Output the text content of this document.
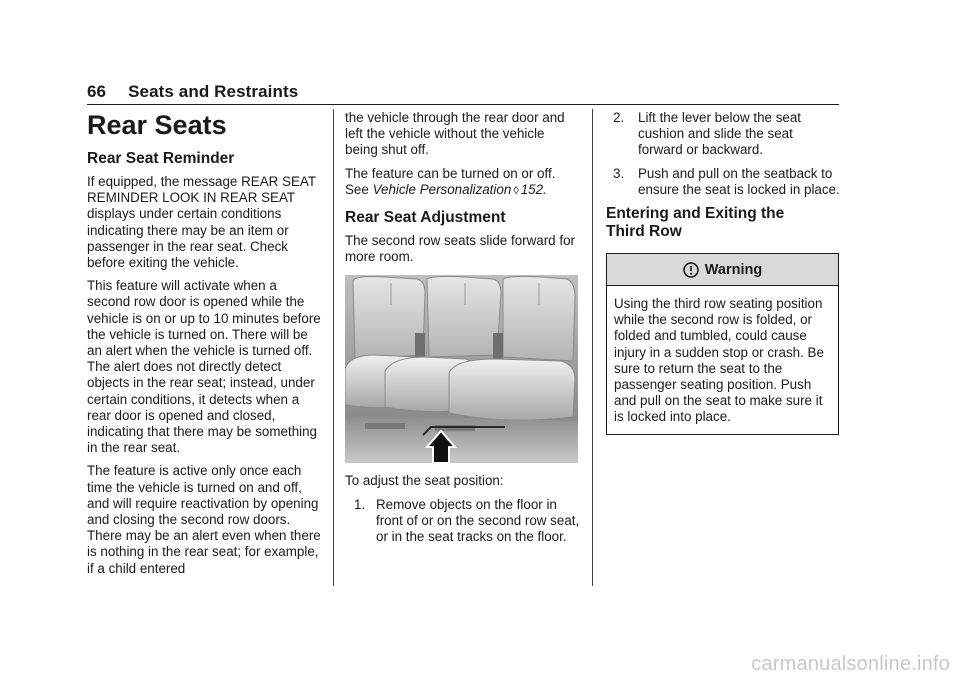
66 Seats and Restraints
Rear Seats
Rear Seat Reminder

If equipped, the message REAR SEAT REMINDER LOOK IN REAR SEAT displays under certain conditions indicating there may be an item or passenger in the rear seat. Check before exiting the vehicle.

This feature will activate when a second row door is opened while the vehicle is on or up to 10 minutes before the vehicle is turned on. There will be an alert when the vehicle is turned off. The alert does not directly detect objects in the rear seat; instead, under certain conditions, it detects when a rear door is opened and closed, indicating that there may be something in the rear seat.

The feature is active only once each time the vehicle is turned on and off, and will require reactivation by opening and closing the second row doors. There may be an alert even when there is nothing in the rear seat; for example, if a child entered

the vehicle through the rear door and left the vehicle without the vehicle being shut off.

The feature can be turned on or off. See Vehicle Personalization ◊ 152.

Rear Seat Adjustment

The second row seats slide forward for more room.

To adjust the seat position:

1. Remove objects on the floor in front of or on the second row seat, or in the seat tracks on the floor.
2. Lift the lever below the seat cushion and slide the seat forward or backward.
3. Push and pull on the seatback to ensure the seat is locked in place.
Entering and Exiting the Third Row
Warning

Using the third row seating position while the second row is folded, or folded and tumbled, could cause injury in a sudden stop or crash. Be sure to return the seat to the passenger seating position. Push and pull on the seat to make sure it is locked into place.

carmanualsonline.info
